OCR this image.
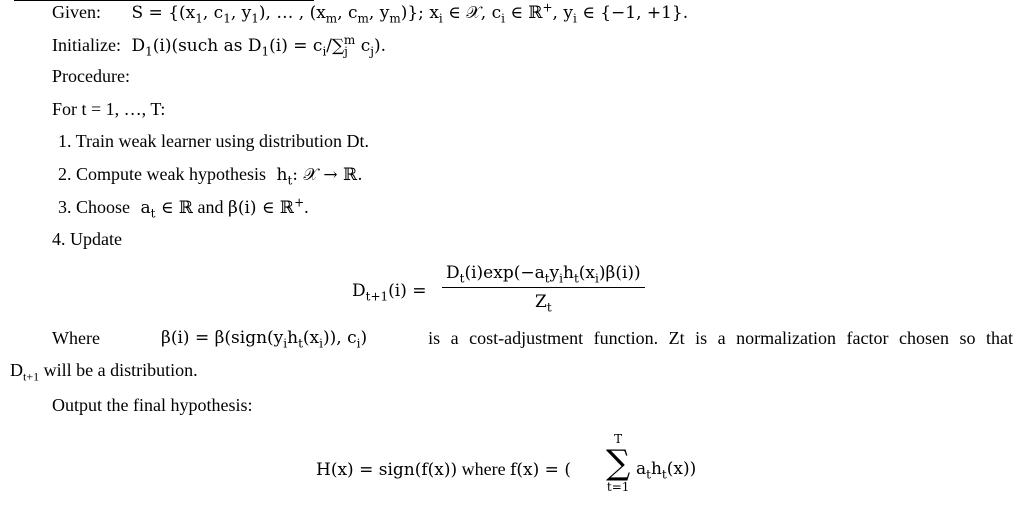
Given: $S = \{(x_1$, $c_1$, $y_1$), … , ($x_m$, $c_m$, $y_m$)}; $x_i$ ∈ 𝒳, $c_i$ ∈ ℝ+, $y_i$ ∈ {−1, +1}.
Initialize: $D_1(i)(such$ as $D_1(i) = c_i/\sum_j^m$ $c_j$).
Procedure:
For t = 1, …, T:
1. Train weak learner using distribution Dt.
2. Compute weak hypothesis $h_t$: 𝒳 → ℝ.
3. Choose $a_t$ ∈ ℝ and β(i) ∈ ℝ+.
4. Update
$D_{t+1}(i)$ =
$D_t(i)\exp(-a_ty_ih_t(x_i)\beta(i))$
$Z_t$
Where	$\beta(i) = \beta(sign(y_ih_t(x_i))$, $c_i$)	is a cost-adjustment function. Zt is a normalization factor chosen so that
$D_{t+1}$ will be a distribution.
Output the final hypothesis:
H(x) = sign(f(x)) where f(x) = (
T
∑
t=1
$a_th_t(x)$)
